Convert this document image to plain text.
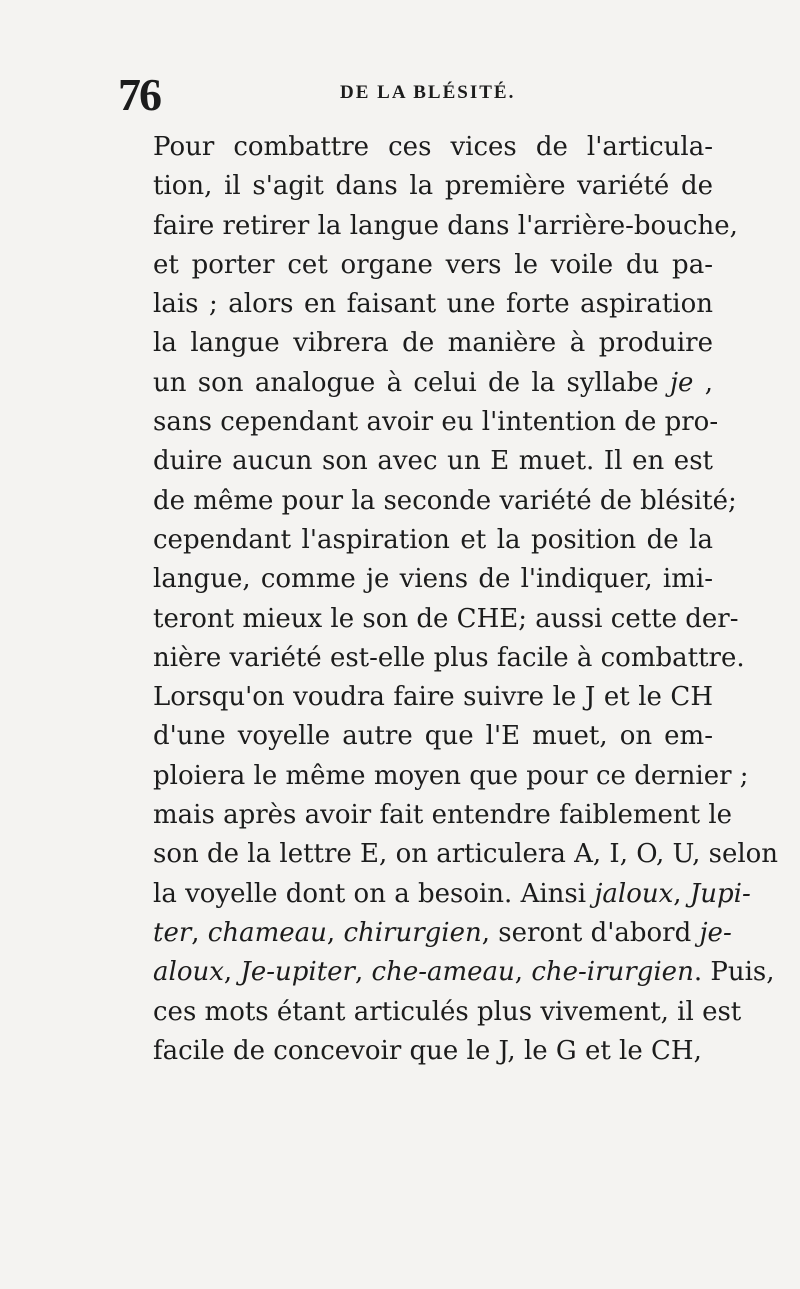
76	DE LA BLÉSITÉ.
Pour combattre ces vices de l'articula-
tion, il s'agit dans la première variété de
faire retirer la langue dans l'arrière-bouche,
et porter cet organe vers le voile du pa-
lais ; alors en faisant une forte aspiration
la langue vibrera de manière à produire
un son analogue à celui de la syllabe je ,
sans cependant avoir eu l'intention de pro-
duire aucun son avec un E muet. Il en est
de même pour la seconde variété de blésité;
cependant l'aspiration et la position de la
langue, comme je viens de l'indiquer, imi-
teront mieux le son de CHE; aussi cette der-
nière variété est-elle plus facile à combattre.
Lorsqu'on voudra faire suivre le J et le CH
d'une voyelle autre que l'E muet, on em-
ploiera le même moyen que pour ce dernier ;
mais après avoir fait entendre faiblement le
son de la lettre E, on articulera A, I, O, U, selon
la voyelle dont on a besoin. Ainsi jaloux, Jupi-
ter, chameau, chirurgien, seront d'abord je-
aloux, Je-upiter, che-ameau, che-irurgien. Puis,
ces mots étant articulés plus vivement, il est
facile de concevoir que le J, le G et le CH,
